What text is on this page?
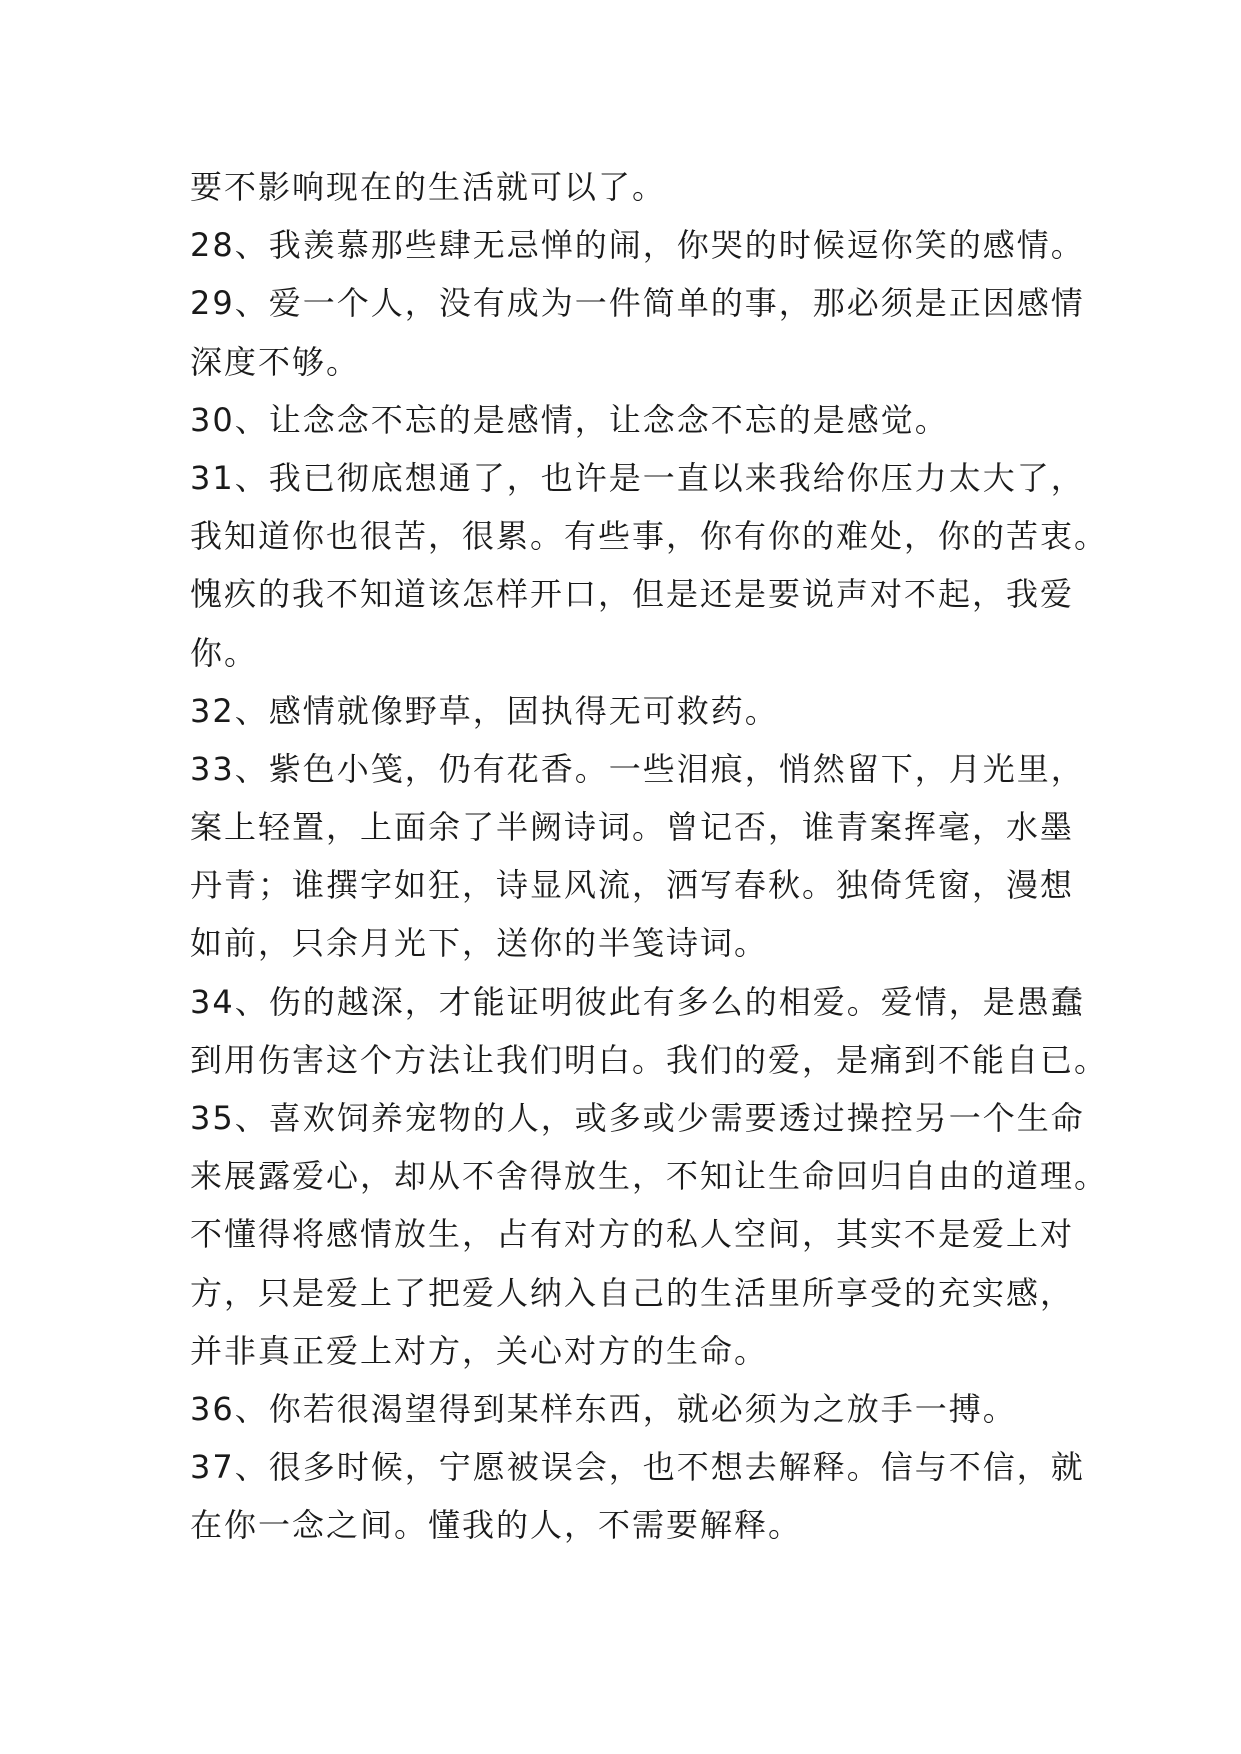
要不影响现在的生活就可以了。
28、我羡慕那些肆无忌惮的闹，你哭的时候逗你笑的感情。
29、爱一个人，没有成为一件简单的事，那必须是正因感情
深度不够。
30、让念念不忘的是感情，让念念不忘的是感觉。
31、我已彻底想通了，也许是一直以来我给你压力太大了，
我知道你也很苦，很累。有些事，你有你的难处，你的苦衷。
愧疚的我不知道该怎样开口，但是还是要说声对不起，我爱
你。
32、感情就像野草，固执得无可救药。
33、紫色小笺，仍有花香。一些泪痕，悄然留下，月光里，
案上轻置，上面余了半阙诗词。曾记否，谁青案挥毫，水墨
丹青；谁撰字如狂，诗显风流，洒写春秋。独倚凭窗，漫想
如前，只余月光下，送你的半笺诗词。
34、伤的越深，才能证明彼此有多么的相爱。爱情，是愚蠢
到用伤害这个方法让我们明白。我们的爱，是痛到不能自已。
35、喜欢饲养宠物的人，或多或少需要透过操控另一个生命
来展露爱心，却从不舍得放生，不知让生命回归自由的道理。
不懂得将感情放生，占有对方的私人空间，其实不是爱上对
方，只是爱上了把爱人纳入自己的生活里所享受的充实感，
并非真正爱上对方，关心对方的生命。
36、你若很渴望得到某样东西，就必须为之放手一搏。
37、很多时候，宁愿被误会，也不想去解释。信与不信，就
在你一念之间。懂我的人，不需要解释。
